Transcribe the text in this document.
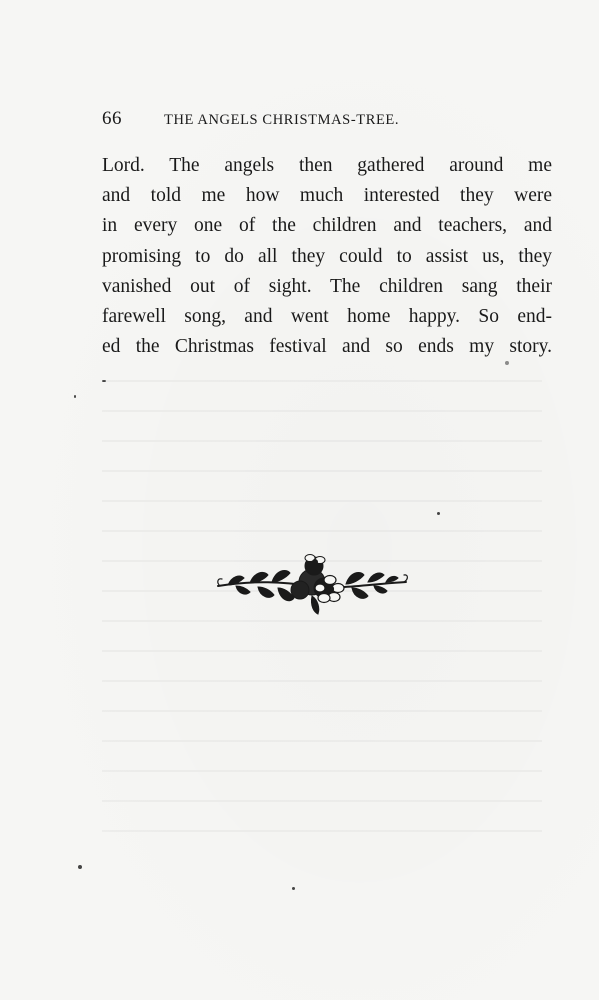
66	THE ANGELS CHRISTMAS-TREE.
Lord. The angels then gathered around me
and told me how much interested they were
in every one of the children and teachers, and
promising to do all they could to assist us, they
vanished out of sight. The children sang their
farewell song, and went home happy. So end-
ed the Christmas festival and so ends my story.
